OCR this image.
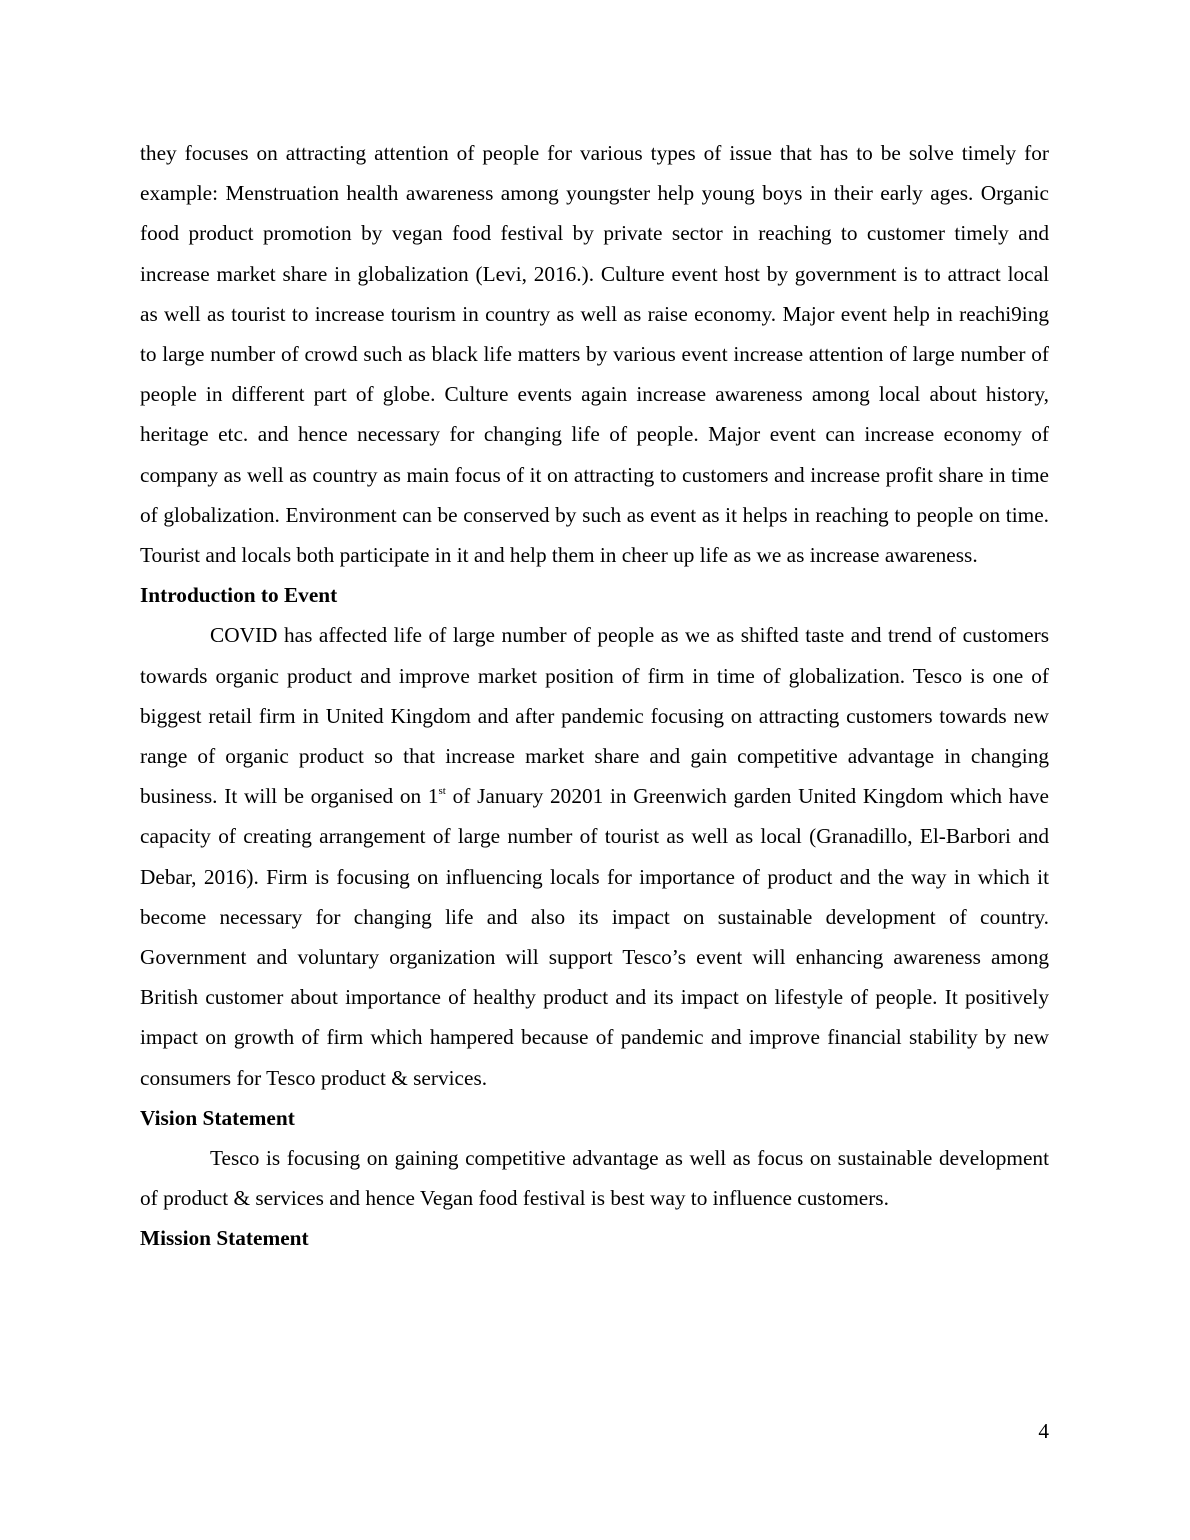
they focuses on attracting attention of people for various types of issue that has to be solve timely for example: Menstruation health awareness among youngster help young boys in their early ages. Organic food product promotion by vegan food festival by private sector in reaching to customer timely and increase market share in globalization (Levi, 2016.). Culture event host by government is to attract local as well as tourist to increase tourism in country as well as raise economy. Major event help in reachi9ing to large number of crowd such as black life matters by various event increase attention of large number of people in different part of globe. Culture events again increase awareness among local about history, heritage etc. and hence necessary for changing life of people. Major event can increase economy of company as well as country as main focus of it on attracting to customers and increase profit share in time of globalization. Environment can be conserved by such as event as it helps in reaching to people on time. Tourist and locals both participate in it and help them in cheer up life as we as increase awareness.

Introduction to Event

COVID has affected life of large number of people as we as shifted taste and trend of customers towards organic product and improve market position of firm in time of globalization. Tesco is one of biggest retail firm in United Kingdom and after pandemic focusing on attracting customers towards new range of organic product so that increase market share and gain competitive advantage in changing business. It will be organised on 1st of January 20201 in Greenwich garden United Kingdom which have capacity of creating arrangement of large number of tourist as well as local (Granadillo, El-Barbori and Debar, 2016). Firm is focusing on influencing locals for importance of product and the way in which it become necessary for changing life and also its impact on sustainable development of country. Government and voluntary organization will support Tesco’s event will enhancing awareness among British customer about importance of healthy product and its impact on lifestyle of people. It positively impact on growth of firm which hampered because of pandemic and improve financial stability by new consumers for Tesco product & services.

Vision Statement

Tesco is focusing on gaining competitive advantage as well as focus on sustainable development of product & services and hence Vegan food festival is best way to influence customers.

Mission Statement
4
